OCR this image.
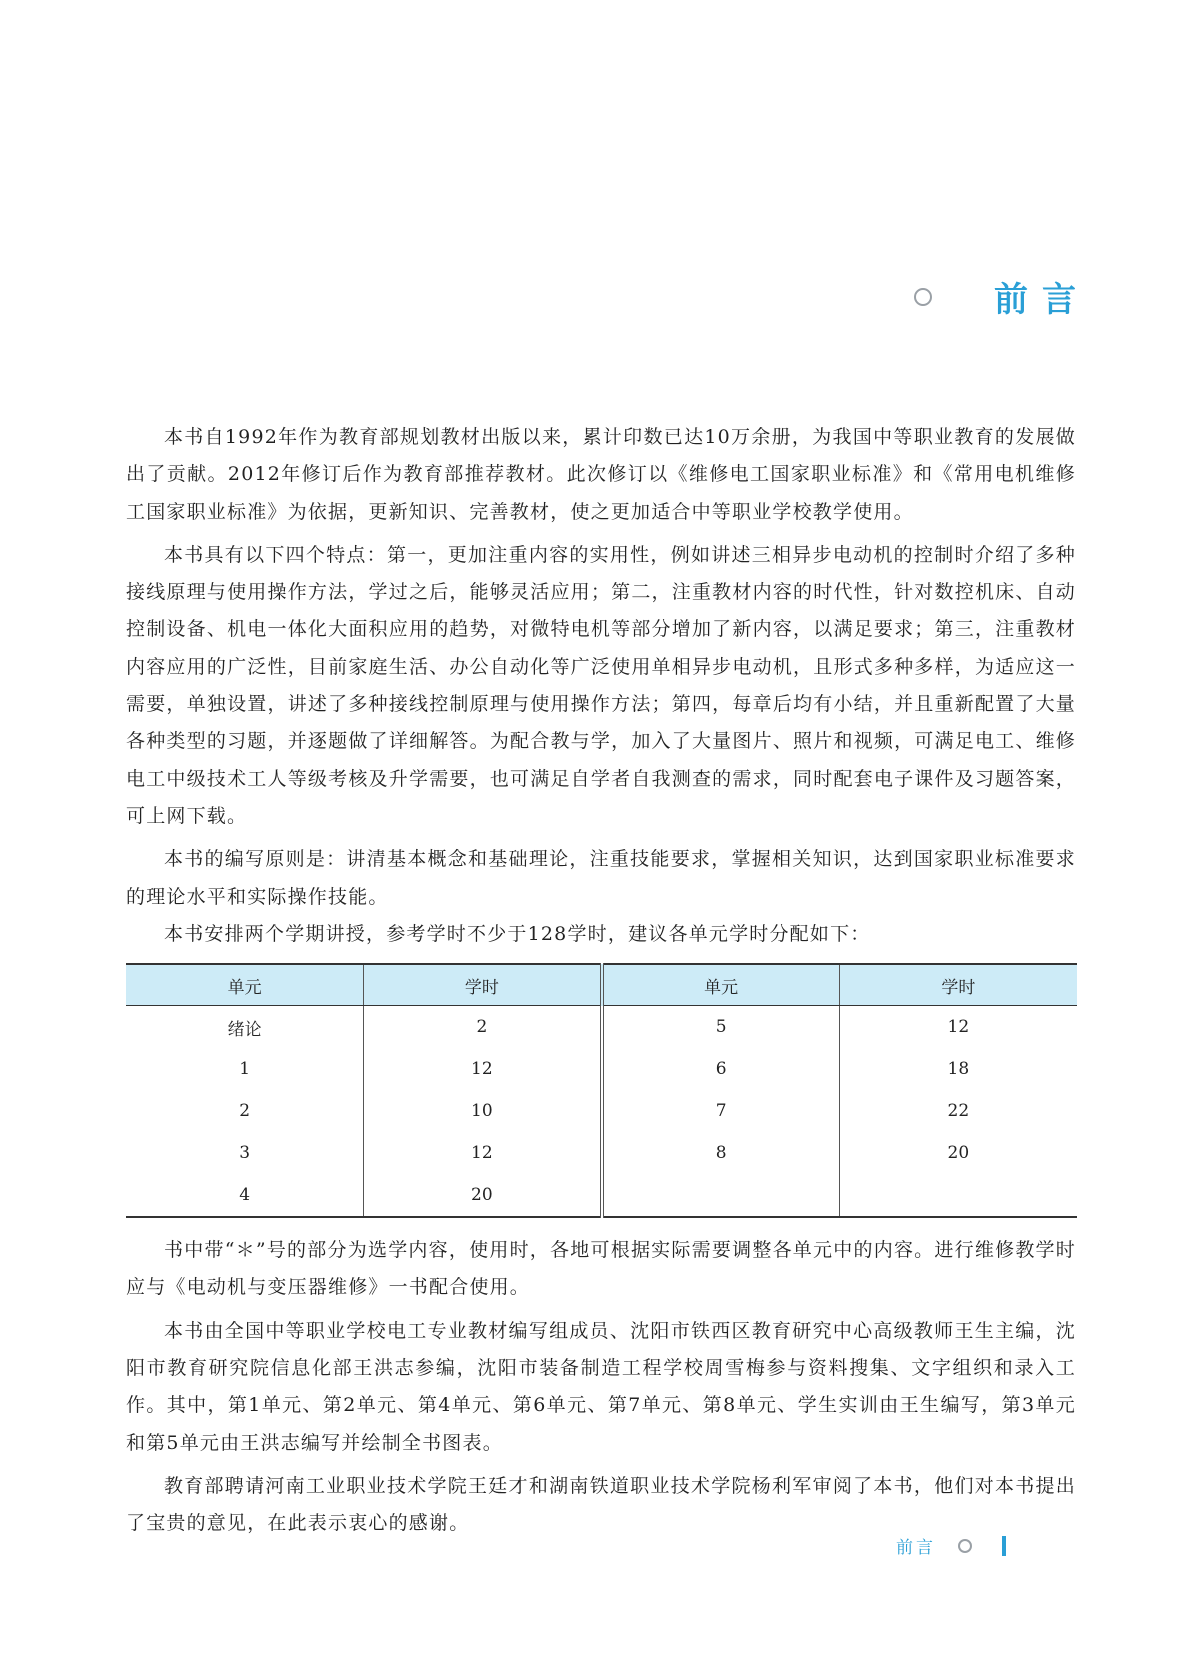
前言

本书自1992年作为教育部规划教材出版以来，累计印数已达10万余册，为我国中等职业教育的发展做出了贡献。2012年修订后作为教育部推荐教材。此次修订以《维修电工国家职业标准》和《常用电机维修工国家职业标准》为依据，更新知识、完善教材，使之更加适合中等职业学校教学使用。

本书具有以下四个特点：第一，更加注重内容的实用性，例如讲述三相异步电动机的控制时介绍了多种接线原理与使用操作方法，学过之后，能够灵活应用；第二，注重教材内容的时代性，针对数控机床、自动控制设备、机电一体化大面积应用的趋势，对微特电机等部分增加了新内容，以满足要求；第三，注重教材内容应用的广泛性，目前家庭生活、办公自动化等广泛使用单相异步电动机，且形式多种多样，为适应这一需要，单独设置，讲述了多种接线控制原理与使用操作方法；第四，每章后均有小结，并且重新配置了大量各种类型的习题，并逐题做了详细解答。为配合教与学，加入了大量图片、照片和视频，可满足电工、维修电工中级技术工人等级考核及升学需要，也可满足自学者自我测查的需求，同时配套电子课件及习题答案，可上网下载。

本书的编写原则是：讲清基本概念和基础理论，注重技能要求，掌握相关知识，达到国家职业标准要求的理论水平和实际操作技能。

本书安排两个学期讲授，参考学时不少于128学时，建议各单元学时分配如下：

单元	学时	单元	学时
绪论	2	5	12
1	12	6	18
2	10	7	22
3	12	8	20
4	20		

书中带“＊”号的部分为选学内容，使用时，各地可根据实际需要调整各单元中的内容。进行维修教学时应与《电动机与变压器维修》一书配合使用。

本书由全国中等职业学校电工专业教材编写组成员、沈阳市铁西区教育研究中心高级教师王生主编，沈阳市教育研究院信息化部王洪志参编，沈阳市装备制造工程学校周雪梅参与资料搜集、文字组织和录入工作。其中，第1单元、第2单元、第4单元、第6单元、第7单元、第8单元、学生实训由王生编写，第3单元和第5单元由王洪志编写并绘制全书图表。

教育部聘请河南工业职业技术学院王廷才和湖南铁道职业技术学院杨利军审阅了本书，他们对本书提出了宝贵的意见，在此表示衷心的感谢。

前言
